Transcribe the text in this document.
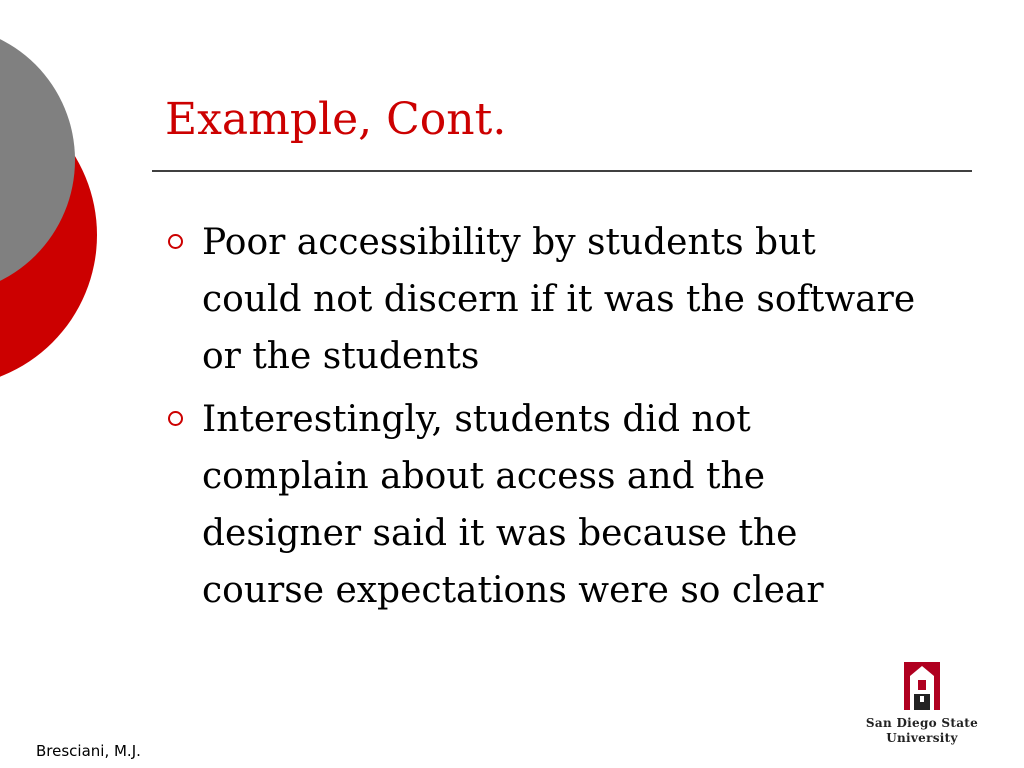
Example, Cont.
Poor accessibility by students but could not discern if it was the software or the students
Interestingly, students did not complain about access and the designer said it was because the course expectations were so clear
Bresciani, M.J.
San Diego State
University
